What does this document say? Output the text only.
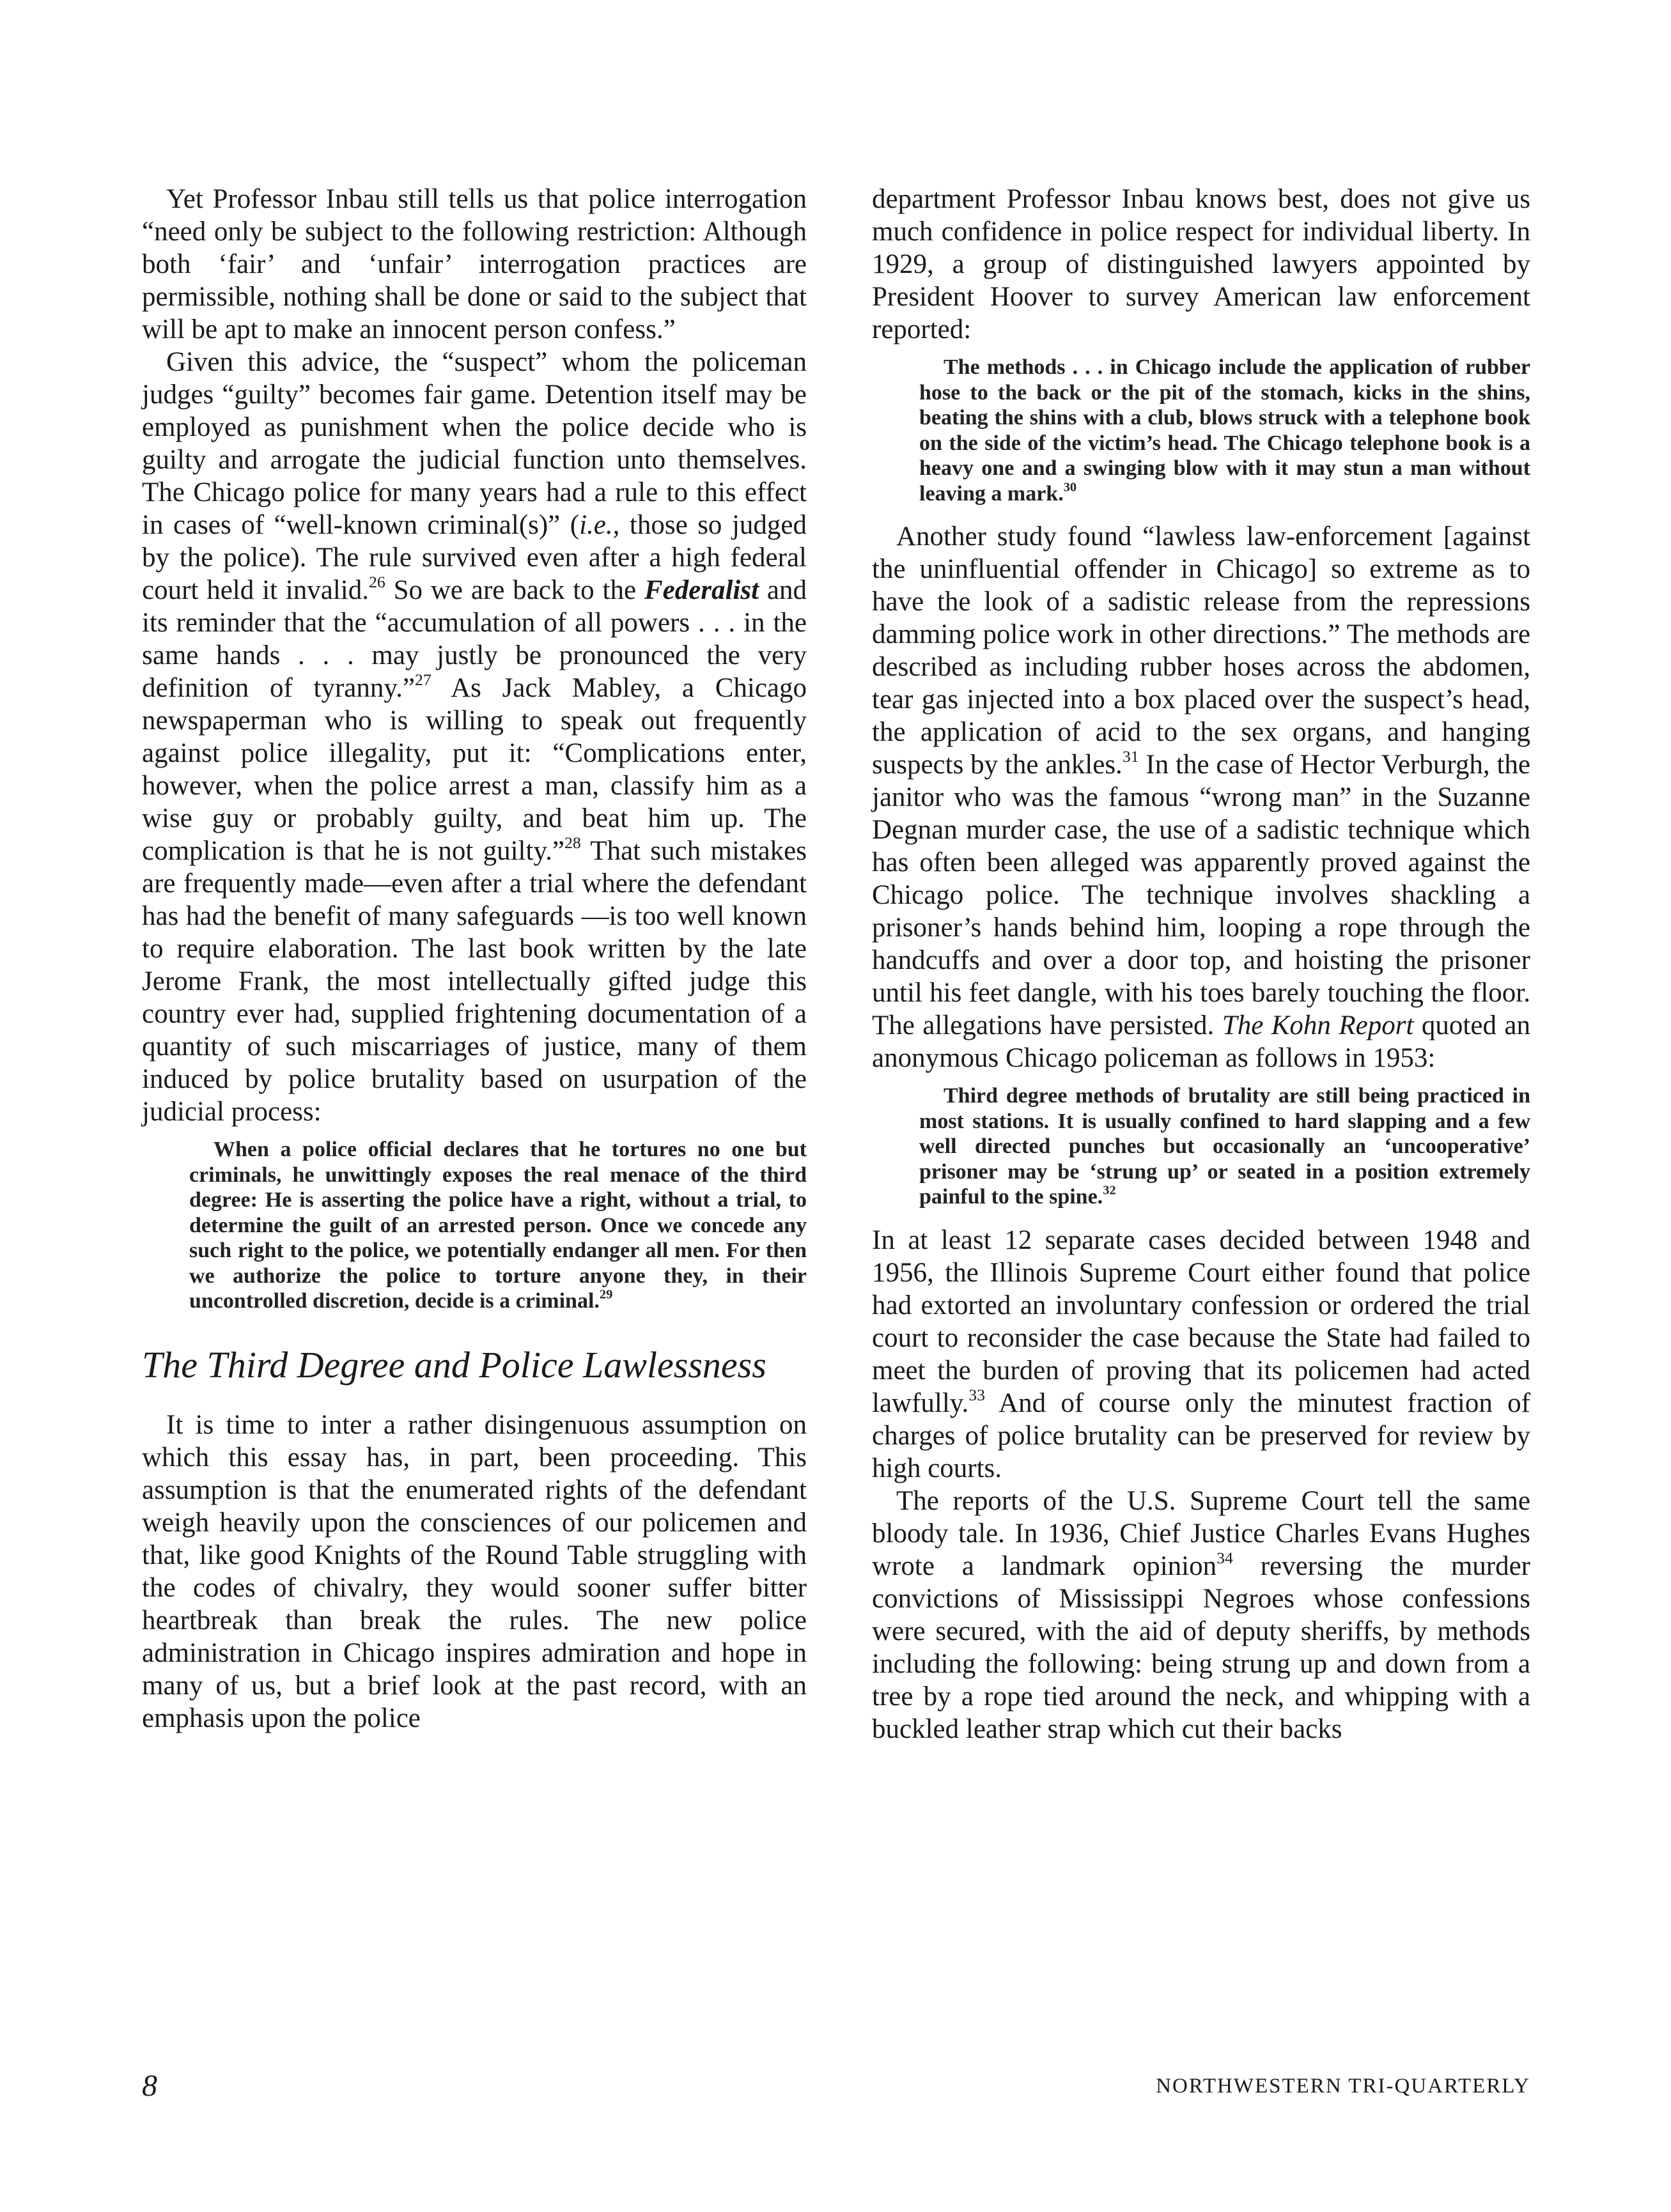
Yet Professor Inbau still tells us that police interrogation “need only be subject to the following restriction: Although both ‘fair’ and ‘unfair’ interrogation practices are permissible, nothing shall be done or said to the subject that will be apt to make an innocent person confess.”

Given this advice, the “suspect” whom the policeman judges “guilty” becomes fair game. Detention itself may be employed as punishment when the police decide who is guilty and arrogate the judicial function unto themselves. The Chicago police for many years had a rule to this effect in cases of “well-known criminal(s)” (i.e., those so judged by the police). The rule survived even after a high federal court held it invalid.$^{26}$ So we are back to the Federalist and its reminder that the “accumulation of all powers . . . in the same hands . . . may justly be pronounced the very definition of tyranny.”$^{27}$ As Jack Mabley, a Chicago newspaperman who is willing to speak out frequently against police illegality, put it: “Complications enter, however, when the police arrest a man, classify him as a wise guy or probably guilty, and beat him up. The complication is that he is not guilty.”$^{28}$ That such mistakes are frequently made—even after a trial where the defendant has had the benefit of many safeguards —is too well known to require elaboration. The last book written by the late Jerome Frank, the most intellectually gifted judge this country ever had, supplied frightening documentation of a quantity of such miscarriages of justice, many of them induced by police brutality based on usurpation of the judicial process:

When a police official declares that he tortures no one but criminals, he unwittingly exposes the real menace of the third degree: He is asserting the police have a right, without a trial, to determine the guilt of an arrested person. Once we concede any such right to the police, we potentially endanger all men. For then we authorize the police to torture anyone they, in their uncontrolled discretion, decide is a criminal.$^{29}$

The Third Degree and Police Lawlessness

It is time to inter a rather disingenuous assumption on which this essay has, in part, been proceeding. This assumption is that the enumerated rights of the defendant weigh heavily upon the consciences of our policemen and that, like good Knights of the Round Table struggling with the codes of chivalry, they would sooner suffer bitter heartbreak than break the rules. The new police administration in Chicago inspires admiration and hope in many of us, but a brief look at the past record, with an emphasis upon the police

department Professor Inbau knows best, does not give us much confidence in police respect for individual liberty. In 1929, a group of distinguished lawyers appointed by President Hoover to survey American law enforcement reported:

The methods . . . in Chicago include the application of rubber hose to the back or the pit of the stomach, kicks in the shins, beating the shins with a club, blows struck with a telephone book on the side of the victim’s head. The Chicago telephone book is a heavy one and a swinging blow with it may stun a man without leaving a mark.$^{30}$

Another study found “lawless law-enforcement [against the uninfluential offender in Chicago] so extreme as to have the look of a sadistic release from the repressions damming police work in other directions.” The methods are described as including rubber hoses across the abdomen, tear gas injected into a box placed over the suspect’s head, the application of acid to the sex organs, and hanging suspects by the ankles.$^{31}$ In the case of Hector Verburgh, the janitor who was the famous “wrong man” in the Suzanne Degnan murder case, the use of a sadistic technique which has often been alleged was apparently proved against the Chicago police. The technique involves shackling a prisoner’s hands behind him, looping a rope through the handcuffs and over a door top, and hoisting the prisoner until his feet dangle, with his toes barely touching the floor. The allegations have persisted. The Kohn Report quoted an anonymous Chicago policeman as follows in 1953:

Third degree methods of brutality are still being practiced in most stations. It is usually confined to hard slapping and a few well directed punches but occasionally an ‘uncooperative’ prisoner may be ‘strung up’ or seated in a position extremely painful to the spine.$^{32}$

In at least 12 separate cases decided between 1948 and 1956, the Illinois Supreme Court either found that police had extorted an involuntary confession or ordered the trial court to reconsider the case because the State had failed to meet the burden of proving that its policemen had acted lawfully.$^{33}$ And of course only the minutest fraction of charges of police brutality can be preserved for review by high courts.

The reports of the U.S. Supreme Court tell the same bloody tale. In 1936, Chief Justice Charles Evans Hughes wrote a landmark opinion$^{34}$ reversing the murder convictions of Mississippi Negroes whose confessions were secured, with the aid of deputy sheriffs, by methods including the following: being strung up and down from a tree by a rope tied around the neck, and whipping with a buckled leather strap which cut their backs

8	NORTHWESTERN TRI-QUARTERLY
